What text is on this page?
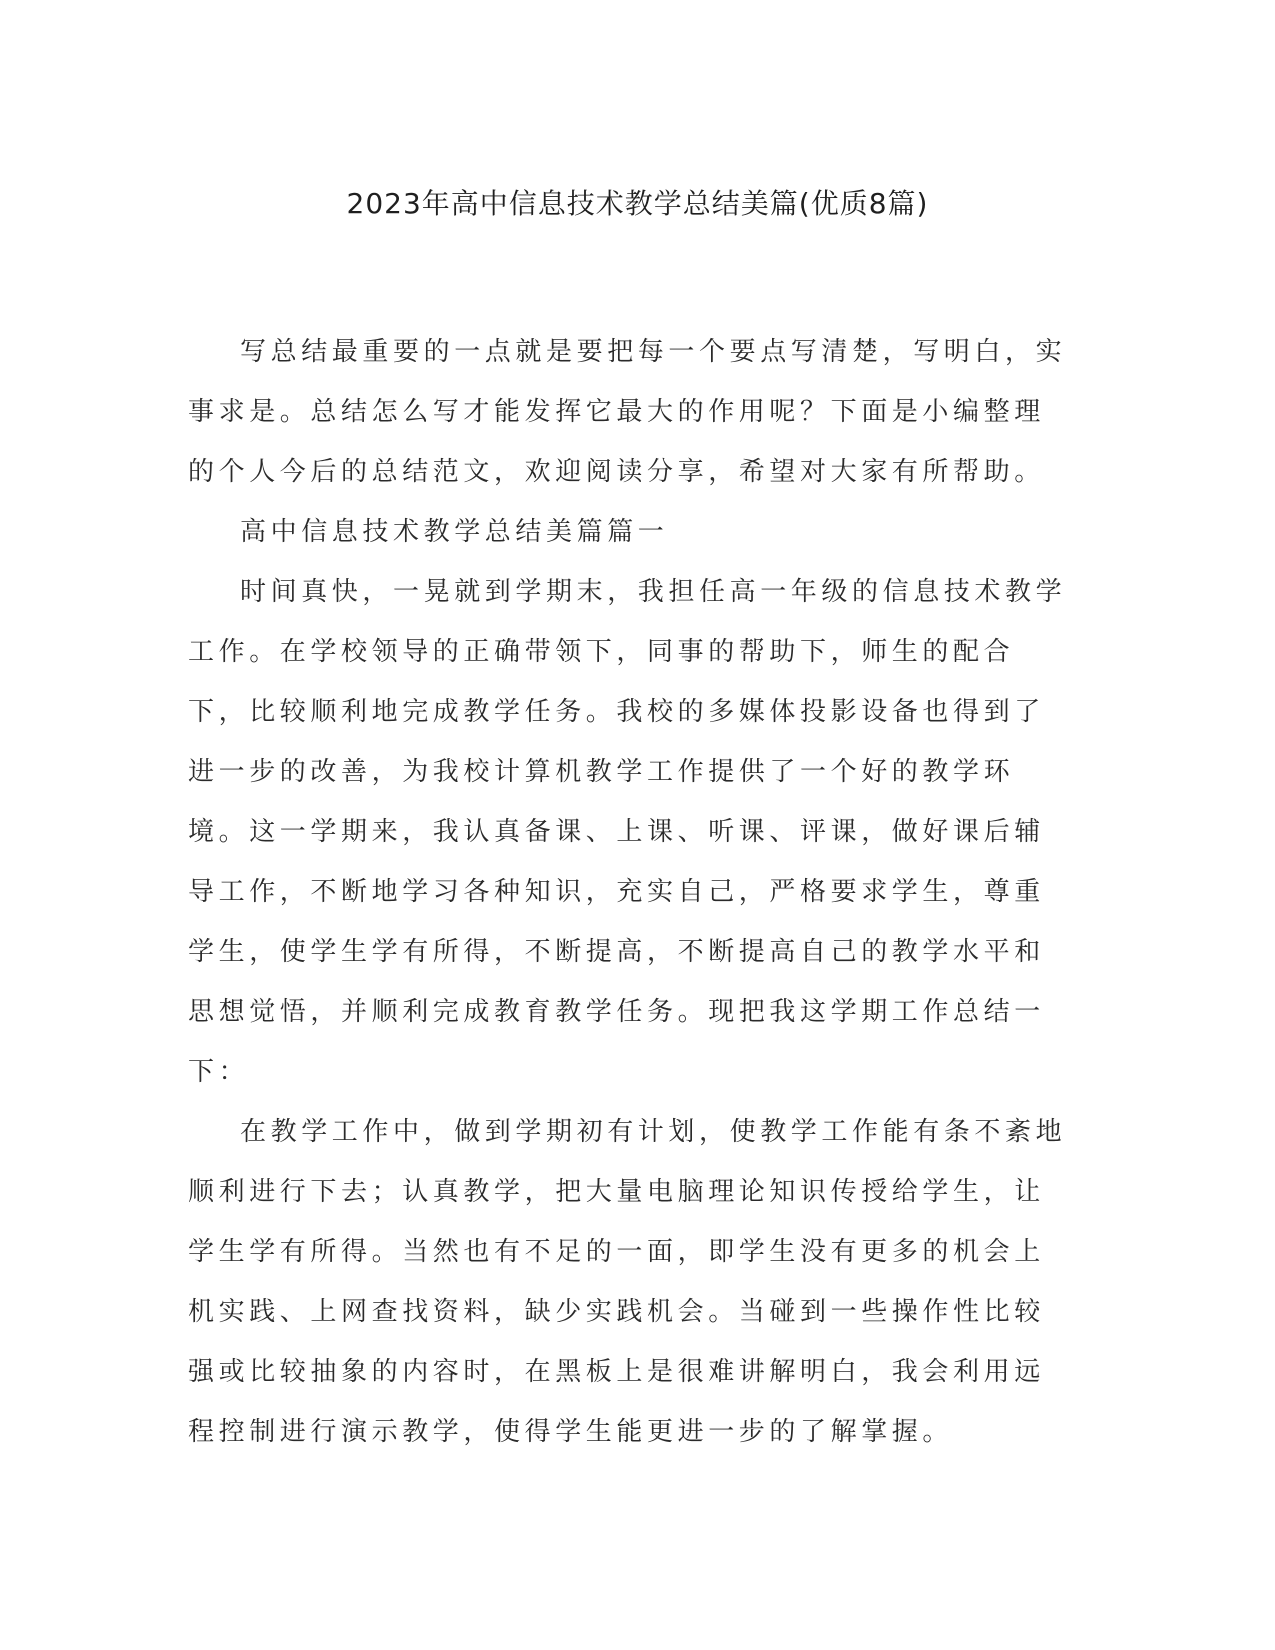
2023年高中信息技术教学总结美篇(优质8篇)

写总结最重要的一点就是要把每一个要点写清楚，写明白，实事求是。总结怎么写才能发挥它最大的作用呢？下面是小编整理的个人今后的总结范文，欢迎阅读分享，希望对大家有所帮助。

高中信息技术教学总结美篇篇一

时间真快，一晃就到学期末，我担任高一年级的信息技术教学工作。在学校领导的正确带领下，同事的帮助下，师生的配合下，比较顺利地完成教学任务。我校的多媒体投影设备也得到了进一步的改善，为我校计算机教学工作提供了一个好的教学环境。这一学期来，我认真备课、上课、听课、评课，做好课后辅导工作，不断地学习各种知识，充实自己，严格要求学生，尊重学生，使学生学有所得，不断提高，不断提高自己的教学水平和思想觉悟，并顺利完成教育教学任务。现把我这学期工作总结一下：

在教学工作中，做到学期初有计划，使教学工作能有条不紊地顺利进行下去；认真教学，把大量电脑理论知识传授给学生，让学生学有所得。当然也有不足的一面，即学生没有更多的机会上机实践、上网查找资料，缺少实践机会。当碰到一些操作性比较强或比较抽象的内容时，在黑板上是很难讲解明白，我会利用远程控制进行演示教学，使得学生能更进一步的了解掌握。
